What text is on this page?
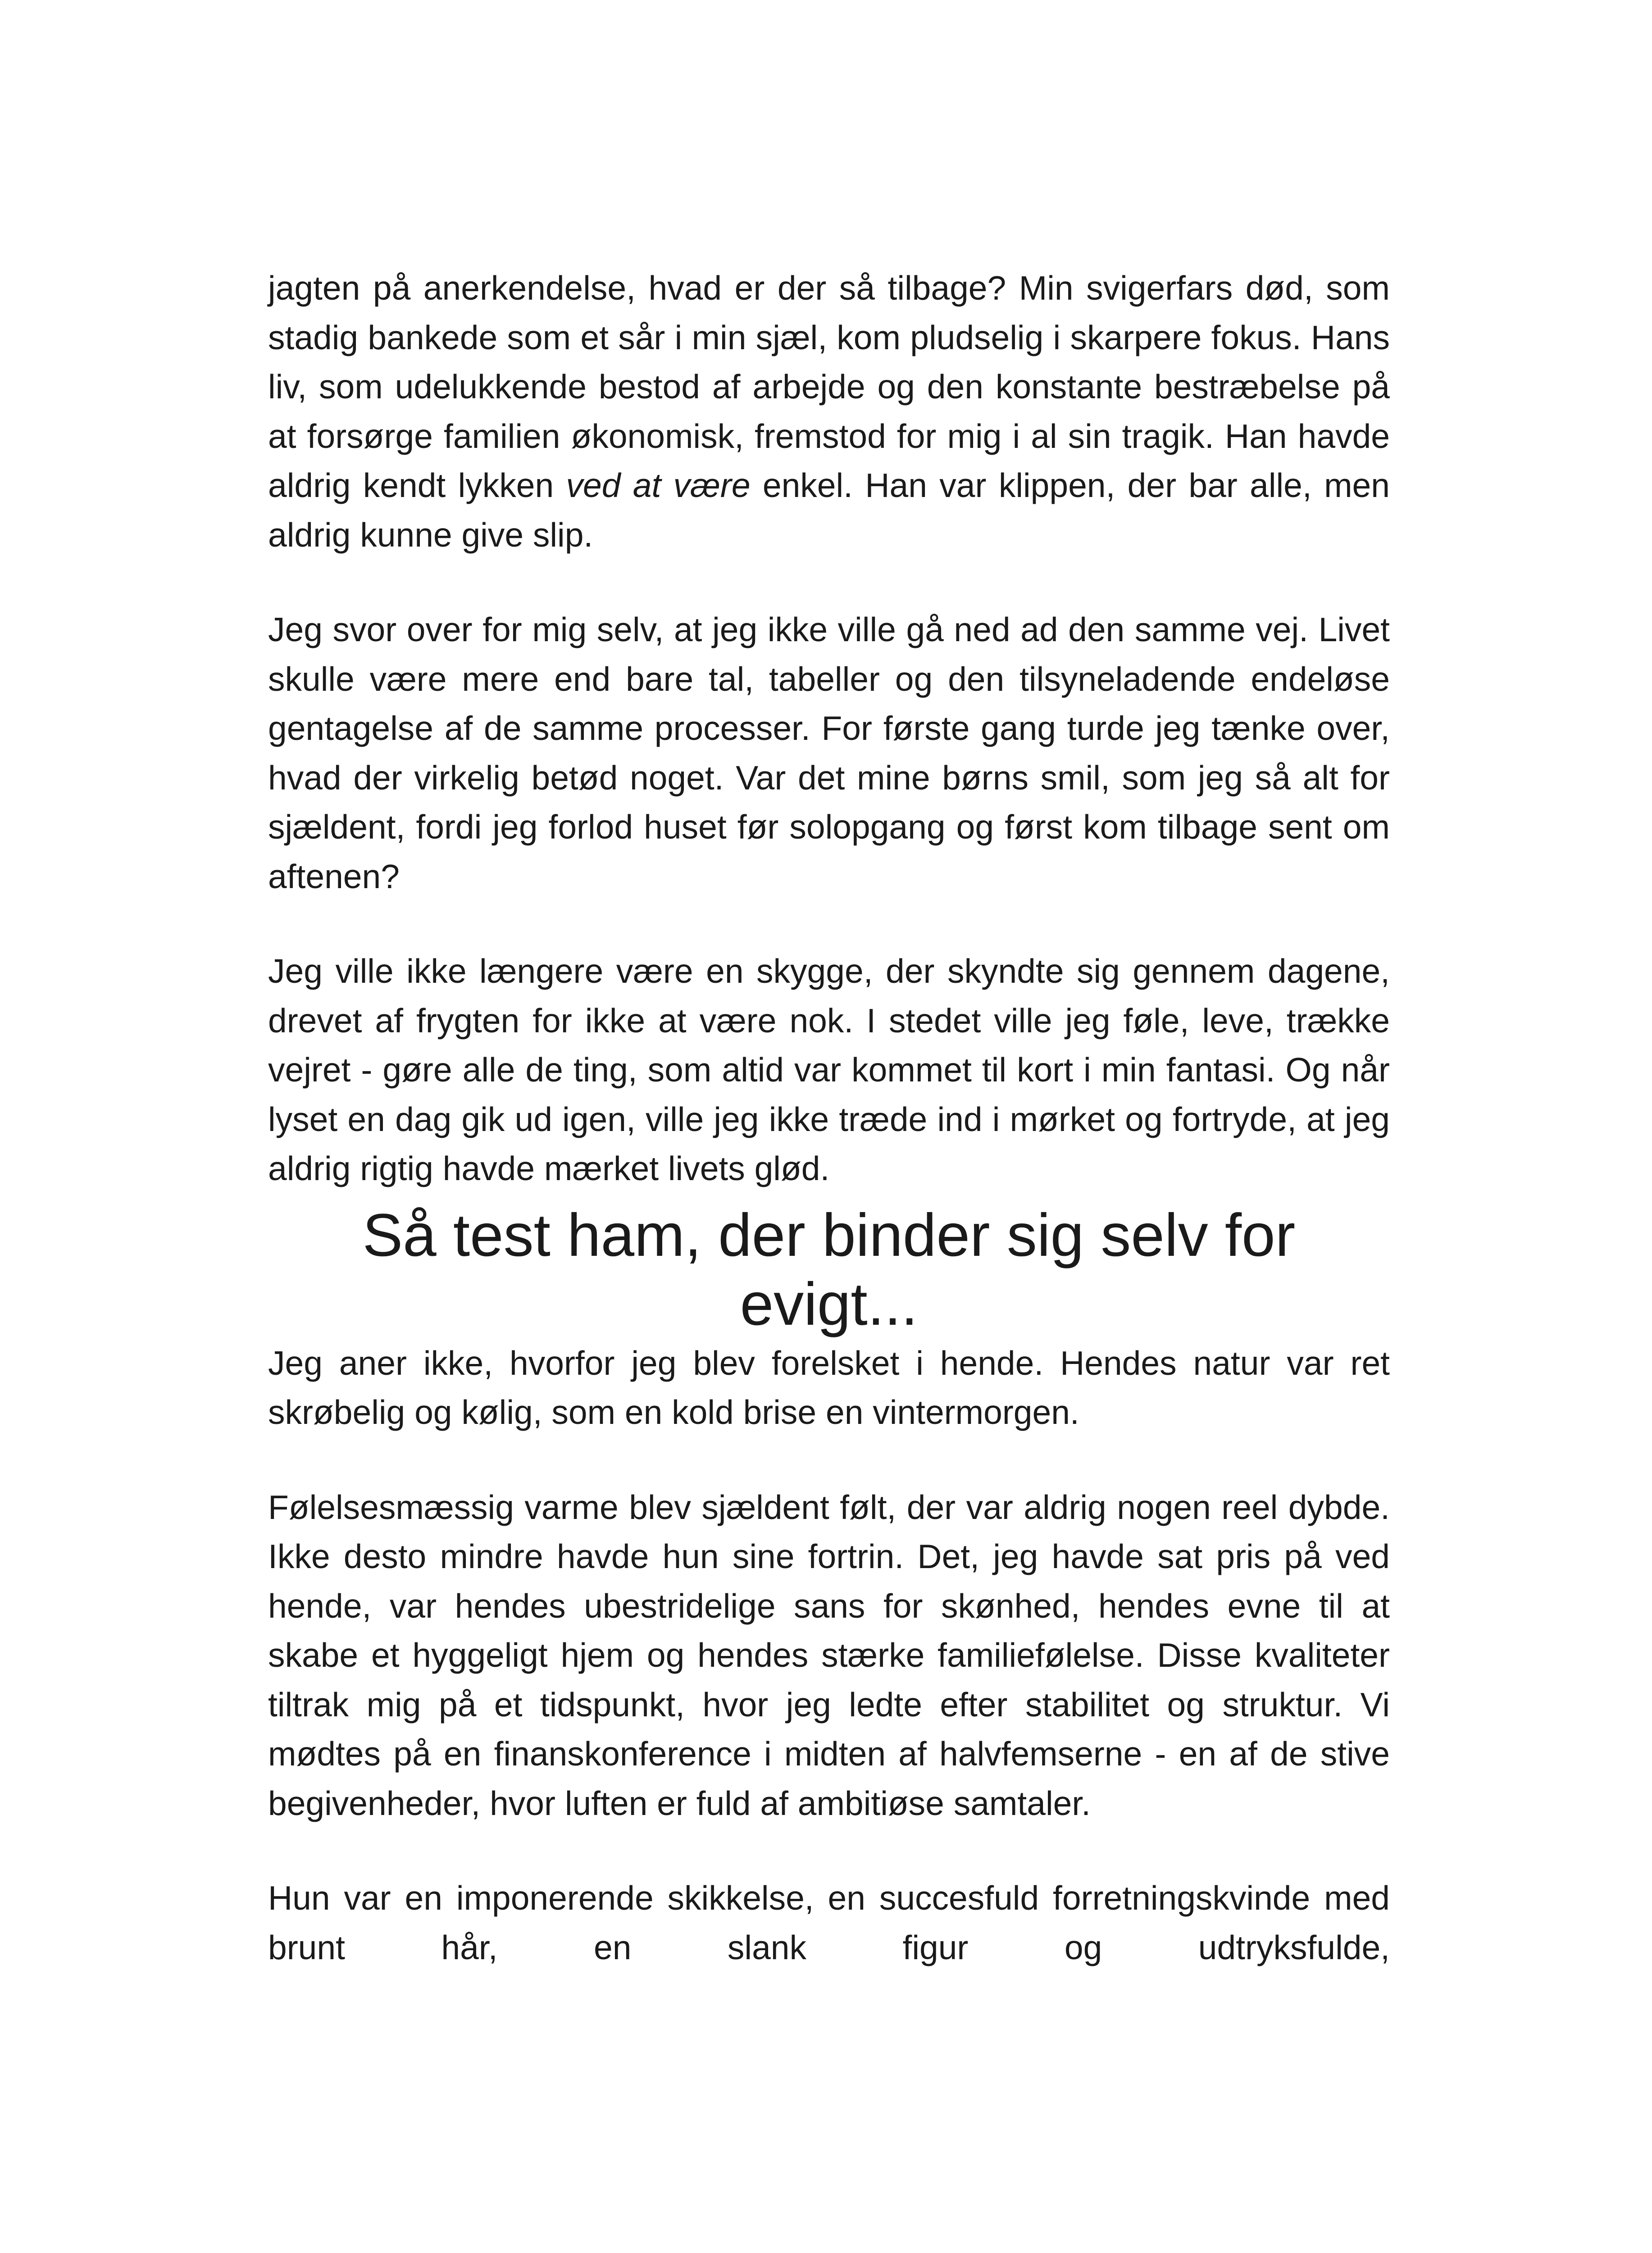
jagten på anerkendelse, hvad er der så tilbage? Min svigerfars død, som stadig bankede som et sår i min sjæl, kom pludselig i skarpere fokus. Hans liv, som udelukkende bestod af arbejde og den konstante bestræbelse på at forsørge familien økonomisk, fremstod for mig i al sin tragik. Han havde aldrig kendt lykken ved at være enkel. Han var klippen, der bar alle, men aldrig kunne give slip.

Jeg svor over for mig selv, at jeg ikke ville gå ned ad den samme vej. Livet skulle være mere end bare tal, tabeller og den tilsyneladende endeløse gentagelse af de samme processer. For første gang turde jeg tænke over, hvad der virkelig betød noget. Var det mine børns smil, som jeg så alt for sjældent, fordi jeg forlod huset før solopgang og først kom tilbage sent om aftenen?

Jeg ville ikke længere være en skygge, der skyndte sig gennem dagene, drevet af frygten for ikke at være nok. I stedet ville jeg føle, leve, trække vejret - gøre alle de ting, som altid var kommet til kort i min fantasi. Og når lyset en dag gik ud igen, ville jeg ikke træde ind i mørket og fortryde, at jeg aldrig rigtig havde mærket livets glød.

Så test ham, der binder sig selv for evigt...

Jeg aner ikke, hvorfor jeg blev forelsket i hende. Hendes natur var ret skrøbelig og kølig, som en kold brise en vintermorgen.

Følelsesmæssig varme blev sjældent følt, der var aldrig nogen reel dybde. Ikke desto mindre havde hun sine fortrin. Det, jeg havde sat pris på ved hende, var hendes ubestridelige sans for skønhed, hendes evne til at skabe et hyggeligt hjem og hendes stærke familiefølelse. Disse kvaliteter tiltrak mig på et tidspunkt, hvor jeg ledte efter stabilitet og struktur. Vi mødtes på en finanskonference i midten af halvfemserne - en af de stive begivenheder, hvor luften er fuld af ambitiøse samtaler.

Hun var en imponerende skikkelse, en succesfuld forretningskvinde med brunt hår, en slank figur og udtryksfulde,
